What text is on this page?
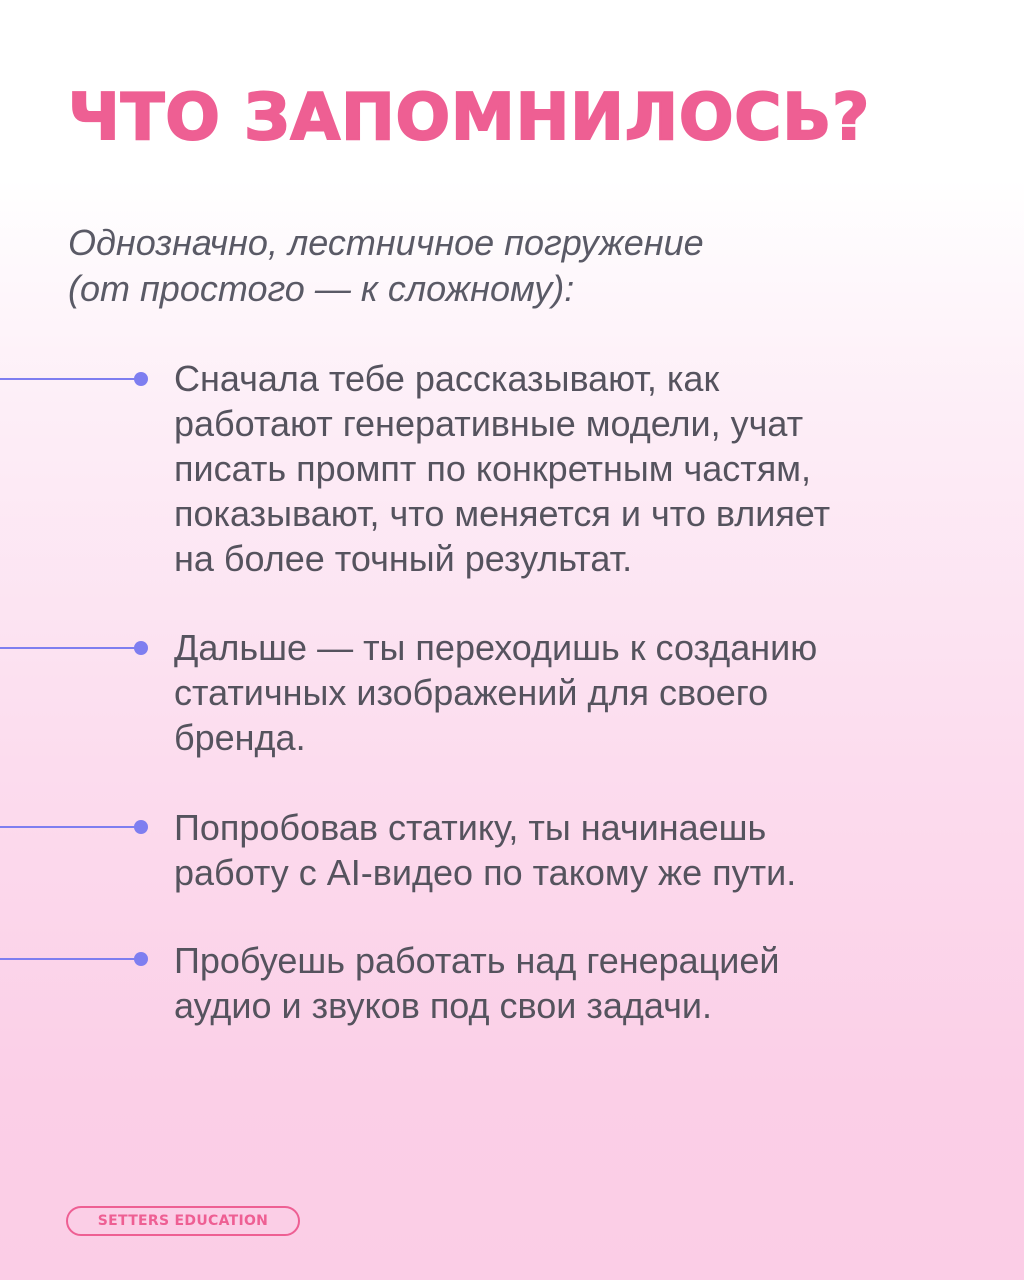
ЧТО ЗАПОМНИЛОСЬ?

Однозначно, лестничное погружение
(от простого — к сложному):

Сначала тебе рассказывают, как
работают генеративные модели, учат
писать промпт по конкретным частям,
показывают, что меняется и что влияет
на более точный результат.

Дальше — ты переходишь к созданию
статичных изображений для своего
бренда.

Попробовав статику, ты начинаешь
работу с AI-видео по такому же пути.

Пробуешь работать над генерацией
аудио и звуков под свои задачи.

SETTERS EDUCATION
